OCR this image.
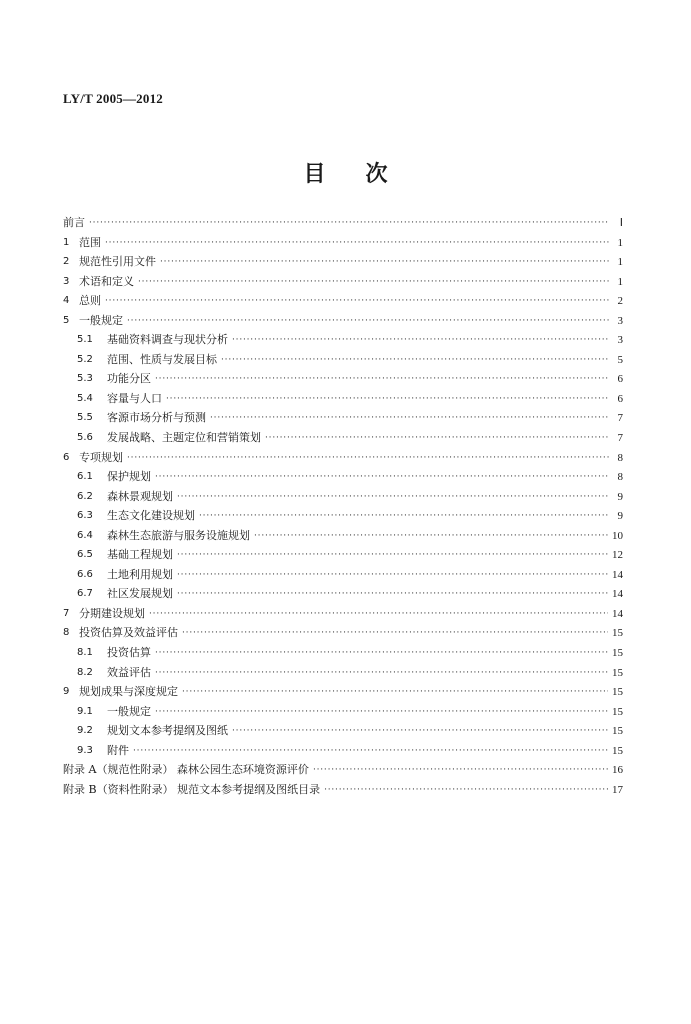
LY/T 2005—2012
目 次
前言 ·····	Ⅰ
1 范围 ·····	1
2 规范性引用文件 ·····	1
3 术语和定义 ·····	1
4 总则 ·····	2
5 一般规定 ·····	3
5.1	基础资料调查与现状分析 ·····	3
5.2	范围、性质与发展目标 ·····	5
5.3	功能分区 ·····	6
5.4	容量与人口 ·····	6
5.5	客源市场分析与预测 ·····	7
5.6	发展战略、主题定位和营销策划 ·····	7
6 专项规划 ·····	8
6.1	保护规划 ·····	8
6.2	森林景观规划 ·····	9
6.3	生态文化建设规划 ·····	9
6.4	森林生态旅游与服务设施规划 ·····	10
6.5	基础工程规划 ·····	12
6.6	土地利用规划 ·····	14
6.7	社区发展规划 ·····	14
7 分期建设规划 ·····	14
8 投资估算及效益评估 ·····	15
8.1	投资估算 ·····	15
8.2	效益评估 ·····	15
9 规划成果与深度规定 ·····	15
9.1	一般规定 ·····	15
9.2	规划文本参考提纲及图纸 ·····	15
9.3	附件 ·····	15
附录 A（规范性附录） 森林公园生态环境资源评价 ·····	16
附录 B（资料性附录） 规范文本参考提纲及图纸目录 ·····	17
